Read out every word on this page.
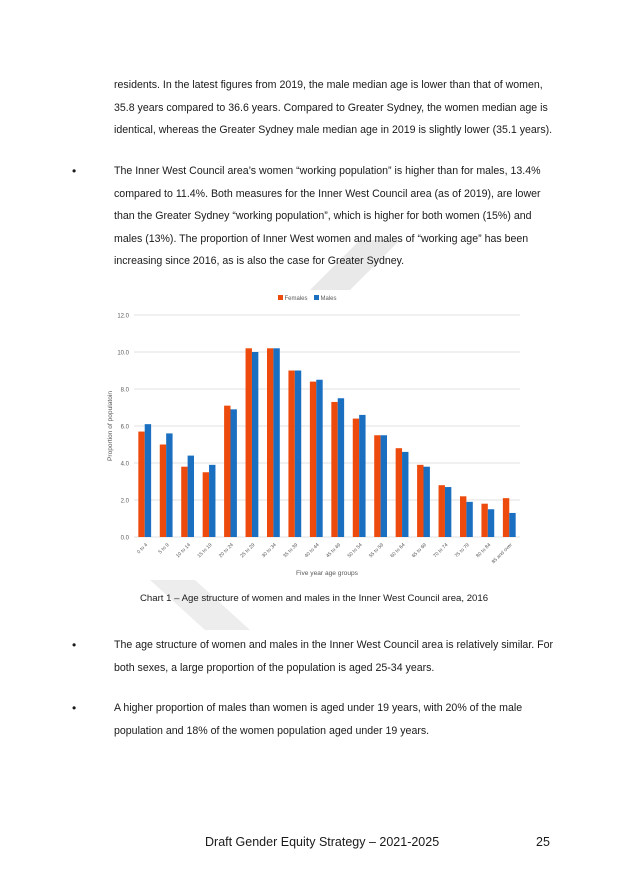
residents. In the latest figures from 2019, the male median age is lower than that of women, 35.8 years compared to 36.6 years. Compared to Greater Sydney, the women median age is identical, whereas the Greater Sydney male median age in 2019 is slightly lower (35.1 years).
•	The Inner West Council area’s women “working population” is higher than for males, 13.4% compared to 11.4%. Both measures for the Inner West Council area (as of 2019), are lower than the Greater Sydney “working population”, which is higher for both women (15%) and males (13%). The proportion of Inner West women and males of “working age” has been increasing since 2016, as is also the case for Greater Sydney.
0.0
2.0
4.0
6.0
8.0
10.0
12.0
0 to 4 5 to 9 10 to 14 15 to 19 20 to 24 25 to 29 30 to 34 35 to 39 40 to 44 45 to 49 50 to 54 55 to 59 60 to 64 65 to 69 70 to 74 75 to 79 80 to 84
85 and over
Five year age groups
Proportion of populatoin
Females Males
Chart 1 – Age structure of women and males in the Inner West Council area, 2016
•	The age structure of women and males in the Inner West Council area is relatively similar. For both sexes, a large proportion of the population is aged 25-34 years.
•	A higher proportion of males than women is aged under 19 years, with 20% of the male population and 18% of the women population aged under 19 years.
Draft Gender Equity Strategy – 2021-2025	25
